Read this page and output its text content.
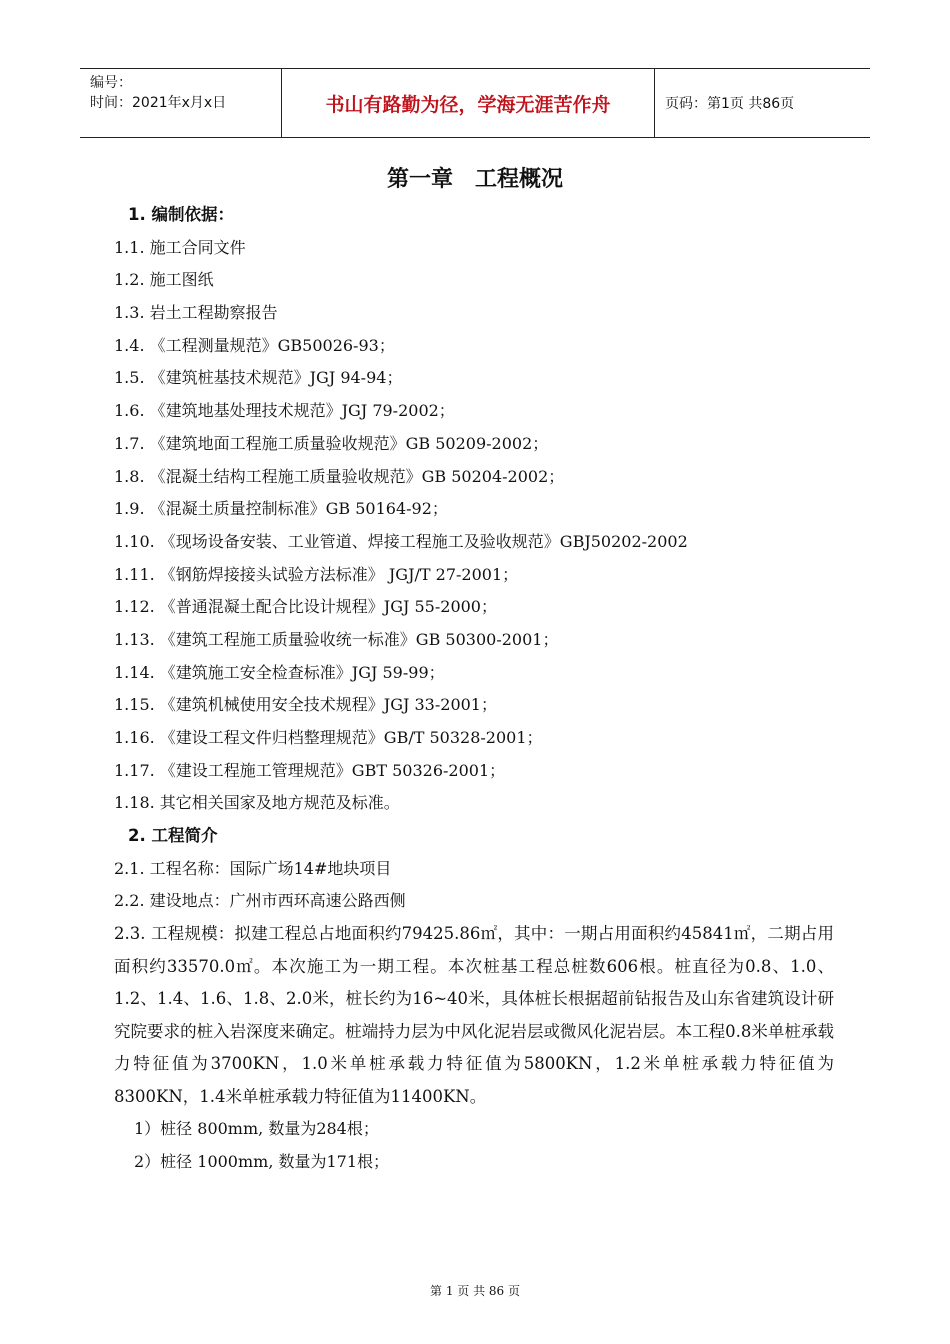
编号：
时间：2021年x月x日	书山有路勤为径，学海无涯苦作舟	页码：第1页 共86页
第一章　工程概况
1. 编制依据：
1.1. 施工合同文件
1.2. 施工图纸
1.3. 岩土工程勘察报告
1.4. 《工程测量规范》GB50026-93；
1.5. 《建筑桩基技术规范》JGJ 94-94；
1.6. 《建筑地基处理技术规范》JGJ 79-2002；
1.7. 《建筑地面工程施工质量验收规范》GB 50209-2002；
1.8. 《混凝土结构工程施工质量验收规范》GB 50204-2002；
1.9. 《混凝土质量控制标准》GB 50164-92；
1.10. 《现场设备安装、工业管道、焊接工程施工及验收规范》GBJ50202-2002
1.11. 《钢筋焊接接头试验方法标准》 JGJ/T 27-2001；
1.12. 《普通混凝土配合比设计规程》JGJ 55-2000；
1.13. 《建筑工程施工质量验收统一标准》GB 50300-2001；
1.14. 《建筑施工安全检查标准》JGJ 59-99；
1.15. 《建筑机械使用安全技术规程》JGJ 33-2001；
1.16. 《建设工程文件归档整理规范》GB/T 50328-2001；
1.17. 《建设工程施工管理规范》GBT 50326-2001；
1.18. 其它相关国家及地方规范及标准。
2. 工程简介
2.1. 工程名称：国际广场14#地块项目
2.2. 建设地点：广州市西环高速公路西侧
2.3. 工程规模：拟建工程总占地面积约79425.86㎡，其中：一期占用面积约45841㎡，二期占用面积约33570.0㎡。本次施工为一期工程。本次桩基工程总桩数606根。桩直径为0.8、1.0、1.2、1.4、1.6、1.8、2.0米，桩长约为16~40米，具体桩长根据超前钻报告及山东省建筑设计研究院要求的桩入岩深度来确定。桩端持力层为中风化泥岩层或微风化泥岩层。本工程0.8米单桩承载力特征值为3700KN，1.0米单桩承载力特征值为5800KN，1.2米单桩承载力特征值为8300KN，1.4米单桩承载力特征值为11400KN。
1）桩径 800mm, 数量为284根；
2）桩径 1000mm, 数量为171根；
第 1 页 共 86 页
